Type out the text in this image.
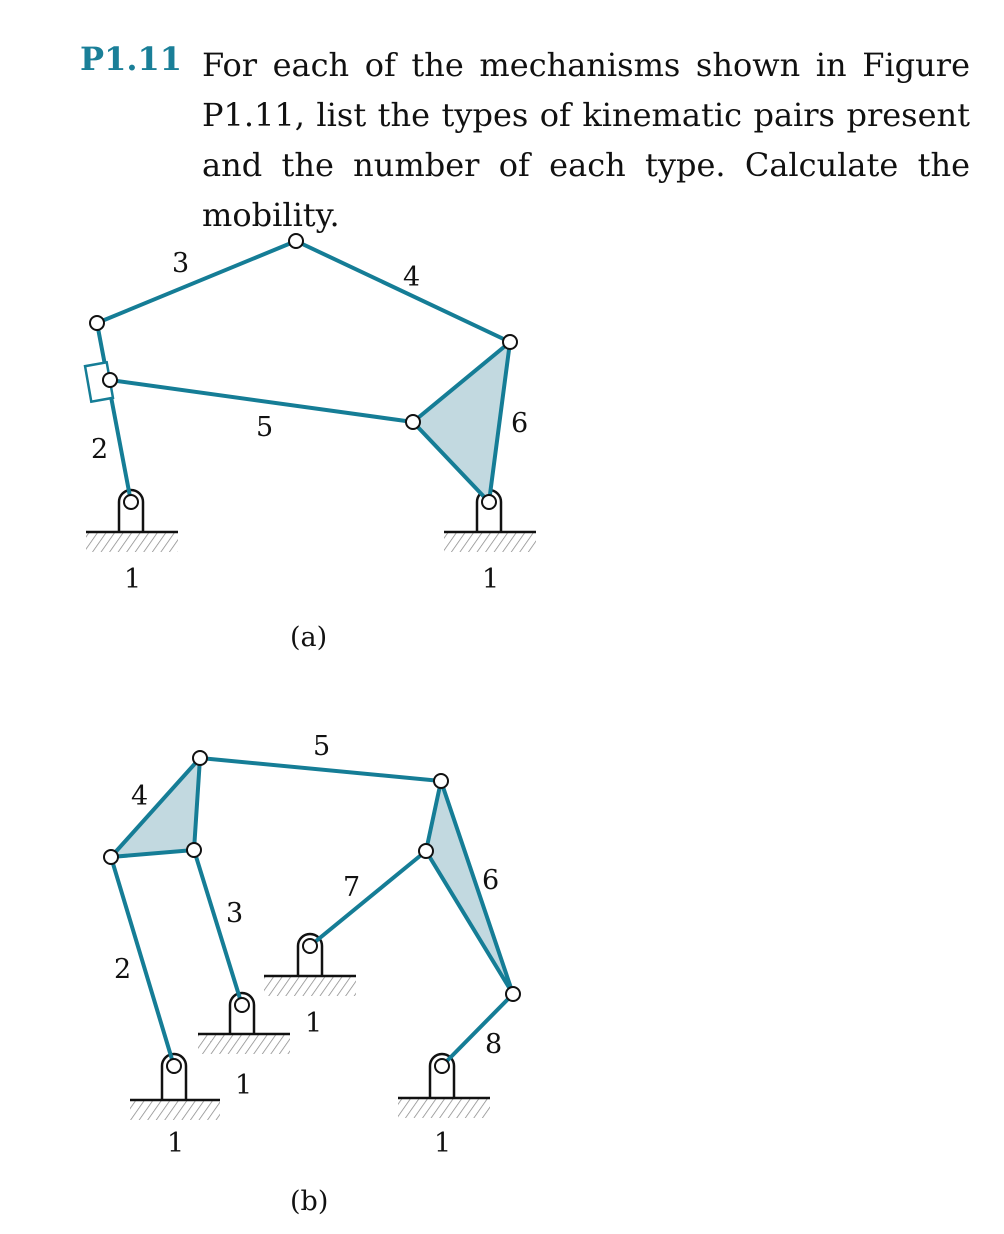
P1.11 For each of the mechanisms shown in Figure P1.11, list the types of kinematic pairs present and the number of each type. Calculate the mobility.
3	4
5	6
2
1	1
(a)
5
4
7	6
3
2
1
8
1
1	1
(b)
